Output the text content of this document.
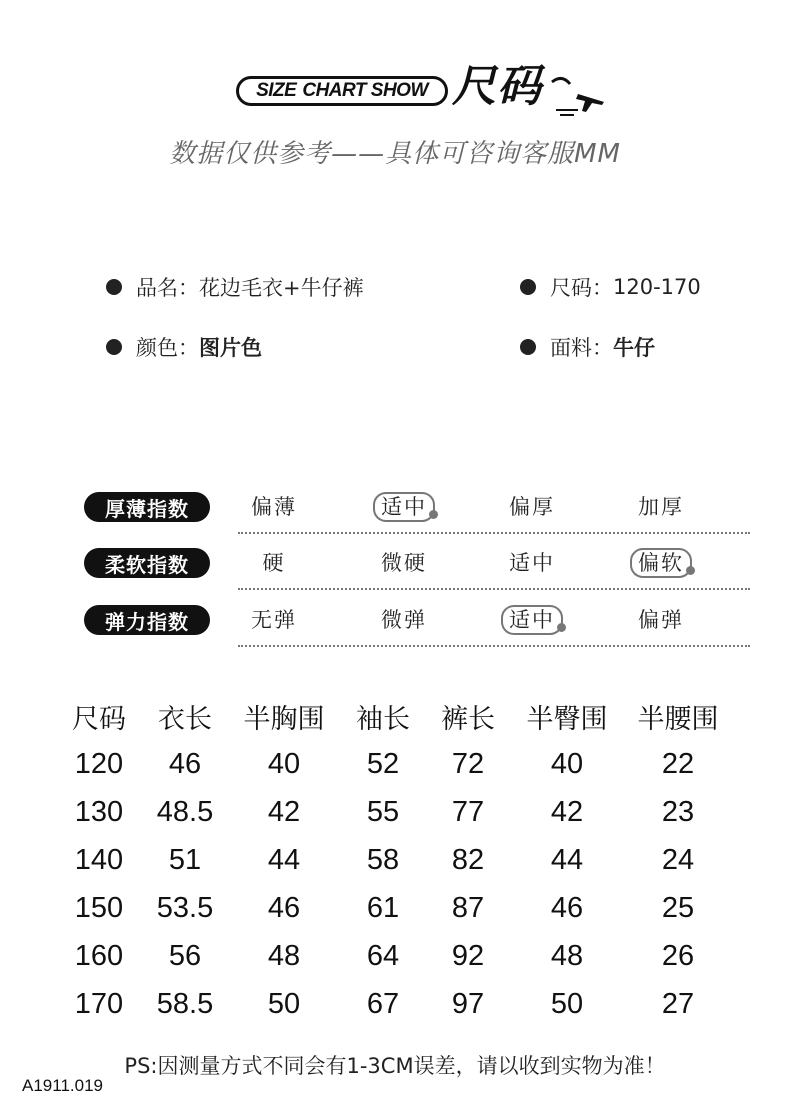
SIZE CHART SHOW 尺码
数据仅供参考——具体可咨询客服MM
品名： 花边毛衣+牛仔裤	尺码： 120-170
颜色： 图片色	面料： 牛仔
厚薄指数	偏薄	适中	偏厚	加厚
柔软指数	硬	微硬	适中	偏软
弹力指数	无弹	微弹	适中	偏弹
尺码	衣长	半胸围	袖长	裤长	半臀围	半腰围
120	46	40	52	72	40	22
130	48.5	42	55	77	42	23
140	51	44	58	82	44	24
150	53.5	46	61	87	46	25
160	56	48	64	92	48	26
170	58.5	50	67	97	50	27
PS:因测量方式不同会有1-3CM误差，请以收到实物为准！
A1911.019
